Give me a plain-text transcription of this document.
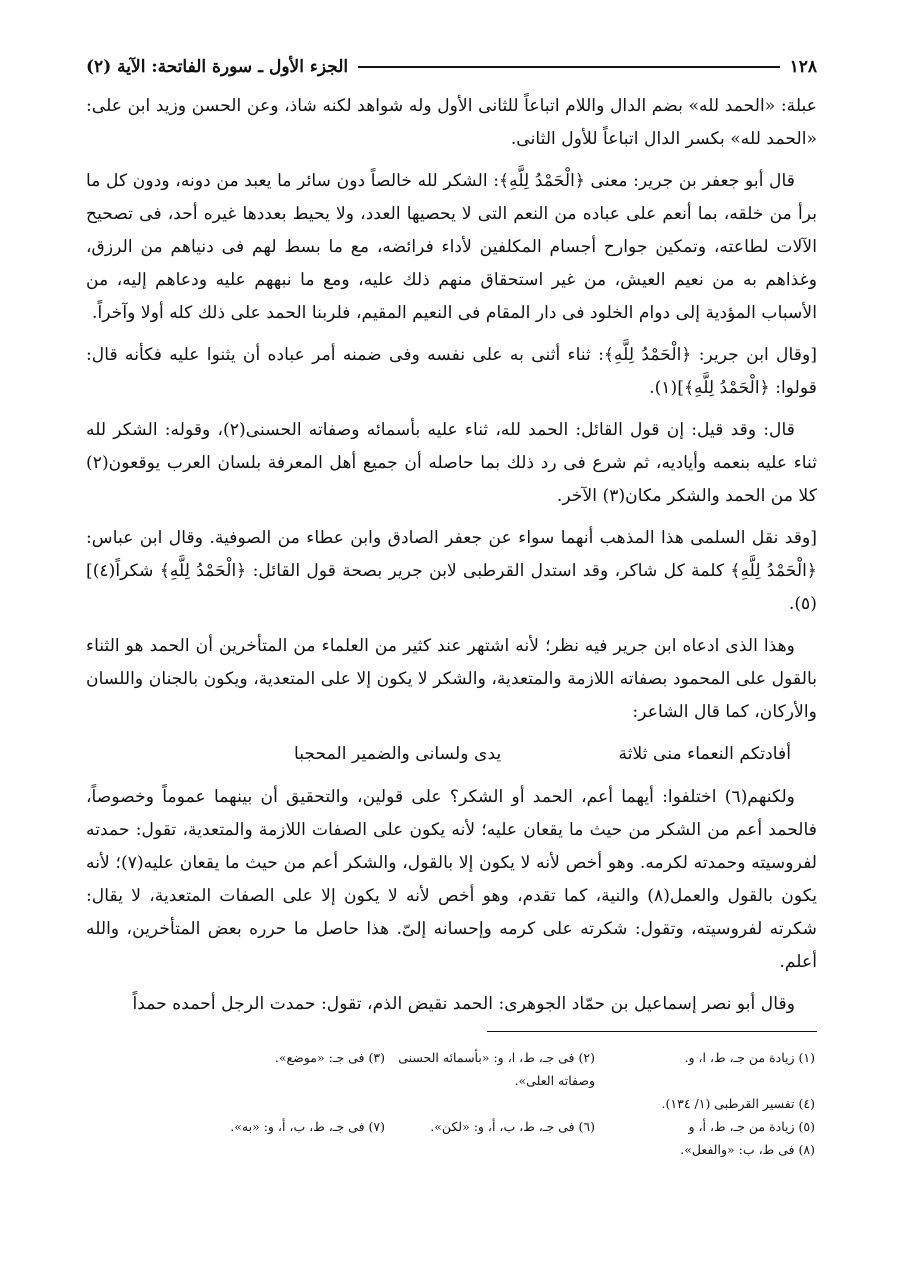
١٢٨
الجزء الأول ـ سورة الفاتحة: الآية (٢)

عبلة: «الحمد لله» بضم الدال واللام اتباعاً للثانى الأول وله شواهد لكنه شاذ، وعن الحسن وزيد ابن على: «الحمد لله» بكسر الدال اتباعاً للأول الثانى.

قال أبو جعفر بن جرير: معنى ﴿الْحَمْدُ لِلَّهِ﴾: الشكر لله خالصاً دون سائر ما يعبد من دونه، ودون كل ما برأ من خلقه، بما أنعم على عباده من النعم التى لا يحصيها العدد، ولا يحيط بعددها غيره أحد، فى تصحيح الآلات لطاعته، وتمكين جوارح أجسام المكلفين لأداء فرائضه، مع ما بسط لهم فى دنياهم من الرزق، وغذاهم به من نعيم العيش، من غير استحقاق منهم ذلك عليه، ومع ما نبههم عليه ودعاهم إليه، من الأسباب المؤدية إلى دوام الخلود فى دار المقام فى النعيم المقيم، فلربنا الحمد على ذلك كله أولا وآخراً.

[وقال ابن جرير: ﴿الْحَمْدُ لِلَّهِ﴾: ثناء أثنى به على نفسه وفى ضمنه أمر عباده أن يثنوا عليه فكأنه قال: قولوا: ﴿الْحَمْدُ لِلَّهِ﴾](١).

قال: وقد قيل: إن قول القائل: الحمد لله، ثناء عليه بأسمائه وصفاته الحسنى(٢)، وقوله: الشكر لله ثناء عليه بنعمه وأياديه، ثم شرع فى رد ذلك بما حاصله أن جميع أهل المعرفة بلسان العرب يوقعون(٢) كلا من الحمد والشكر مكان(٣) الآخر.

[وقد نقل السلمى هذا المذهب أنهما سواء عن جعفر الصادق وابن عطاء من الصوفية. وقال ابن عباس: ﴿الْحَمْدُ لِلَّهِ﴾ كلمة كل شاكر، وقد استدل القرطبى لابن جرير بصحة قول القائل: ﴿الْحَمْدُ لِلَّهِ﴾ شكراً(٤)](٥).

وهذا الذى ادعاه ابن جرير فيه نظر؛ لأنه اشتهر عند كثير من العلماء من المتأخرين أن الحمد هو الثناء بالقول على المحمود بصفاته اللازمة والمتعدية، والشكر لا يكون إلا على المتعدية، ويكون بالجنان واللسان والأركان، كما قال الشاعر:

أفادتكم النعماء منى ثلاثة
يدى ولسانى والضمير المحجبا

ولكنهم(٦) اختلفوا: أيهما أعم، الحمد أو الشكر؟ على قولين، والتحقيق أن بينهما عموماً وخصوصاً، فالحمد أعم من الشكر من حيث ما يقعان عليه؛ لأنه يكون على الصفات اللازمة والمتعدية، تقول: حمدته لفروسيته وحمدته لكرمه. وهو أخص لأنه لا يكون إلا بالقول، والشكر أعم من حيث ما يقعان عليه(٧)؛ لأنه يكون بالقول والعمل(٨) والنية، كما تقدم، وهو أخص لأنه لا يكون إلا على الصفات المتعدية، لا يقال: شكرته لفروسيته، وتقول: شكرته على كرمه وإحسانه إلىّ. هذا حاصل ما حرره بعض المتأخرين، والله أعلم.

وقال أبو نصر إسماعيل بن حمّاد الجوهرى: الحمد نقيض الذم، تقول: حمدت الرجل أحمده حمداً

(١) زيادة من جـ، ط، ا، و.
(٢) فى جـ، ط، ا، و: «بأسمائه الحسنى وصفاته العلى».
(٣) فى جـ: «موضع».
(٤) تفسير القرطبى (١/ ١٣٤).
(٥) زيادة من جـ، ط، أ، و
(٦) فى جـ، ط، ب، أ، و: «لكن».
(٧) فى جـ، ط، ب، أ، و: «به».
(٨) فى ط، ب: «والفعل».
